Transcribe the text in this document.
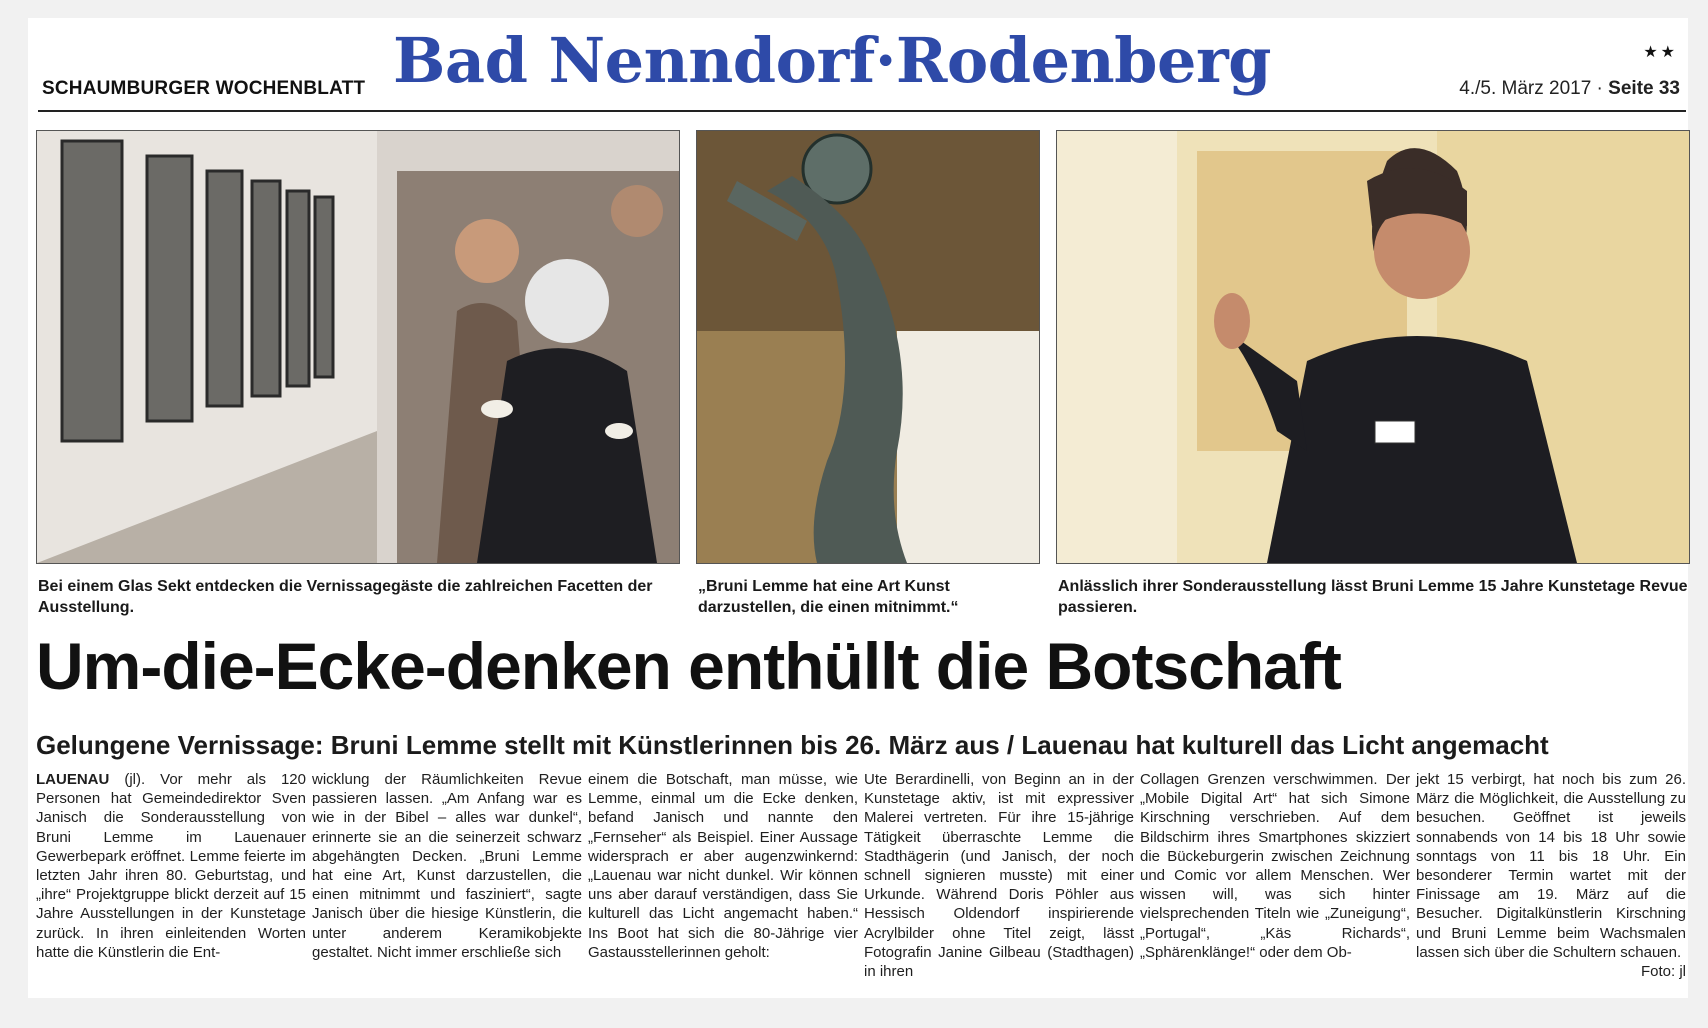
SCHAUMBURGER WOCHENBLATT Bad Nenndorf·Rodenberg	★★
4./5. März 2017 · Seite 33
Bei einem Glas Sekt entdecken die Vernissagegäste die zahlreichen Facetten der Ausstellung.
„Bruni Lemme hat eine Art Kunst darzustellen, die einen mitnimmt.“
Anlässlich ihrer Sonderausstellung lässt Bruni Lemme 15 Jahre Kunstetage Revue passieren.
Um-die-Ecke-denken enthüllt die Botschaft
Gelungene Vernissage: Bruni Lemme stellt mit Künstlerinnen bis 26. März aus / Lauenau hat kulturell das Licht angemacht

LAUENAU (jl). Vor mehr als 120 Personen hat Gemeindedirektor Sven Janisch die Sonderausstellung von Bruni Lemme im Lauenauer Gewerbepark eröffnet. Lemme feierte im letzten Jahr ihren 80. Geburtstag, und „ihre“ Projektgruppe blickt derzeit auf 15 Jahre Ausstellungen in der Kunstetage zurück. In ihren einleitenden Worten hatte die Künstlerin die Ent-

wicklung der Räumlichkeiten Revue passieren lassen. „Am Anfang war es wie in der Bibel – alles war dunkel“, erinnerte sie an die seinerzeit schwarz abgehängten Decken. „Bruni Lemme hat eine Art, Kunst darzustellen, die einen mitnimmt und fasziniert“, sagte Janisch über die hiesige Künstlerin, die unter anderem Keramikobjekte gestaltet. Nicht immer erschließe sich

einem die Botschaft, man müsse, wie Lemme, einmal um die Ecke denken, befand Janisch und nannte den „Fernseher“ als Beispiel. Einer Aussage widersprach er aber augenzwinkernd: „Lauenau war nicht dunkel. Wir können uns aber darauf verständigen, dass Sie kulturell das Licht angemacht haben.“ Ins Boot hat sich die 80-Jährige vier Gastausstellerinnen geholt:

Ute Berardinelli, von Beginn an in der Kunstetage aktiv, ist mit expressiver Malerei vertreten. Für ihre 15-jährige Tätigkeit überraschte Lemme die Stadthägerin (und Janisch, der noch schnell signieren musste) mit einer Urkunde. Während Doris Pöhler aus Hessisch Oldendorf inspirierende Acrylbilder ohne Titel zeigt, lässt Fotografin Janine Gilbeau (Stadthagen) in ihren

Collagen Grenzen verschwimmen. Der „Mobile Digital Art“ hat sich Simone Kirschning verschrieben. Auf dem Bildschirm ihres Smartphones skizziert die Bückeburgerin zwischen Zeichnung und Comic vor allem Menschen. Wer wissen will, was sich hinter vielsprechenden Titeln wie „Zuneigung“, „Portugal“, „Käs Richards“, „Sphärenklänge!“ oder dem Ob-

jekt 15 verbirgt, hat noch bis zum 26. März die Möglichkeit, die Ausstellung zu besuchen. Geöffnet ist jeweils sonnabends von 14 bis 18 Uhr sowie sonntags von 11 bis 18 Uhr. Ein besonderer Termin wartet mit der Finissage am 19. März auf die Besucher. Digitalkünstlerin Kirschning und Bruni Lemme beim Wachsmalen lassen sich über die Schultern schauen.

Foto: jl
